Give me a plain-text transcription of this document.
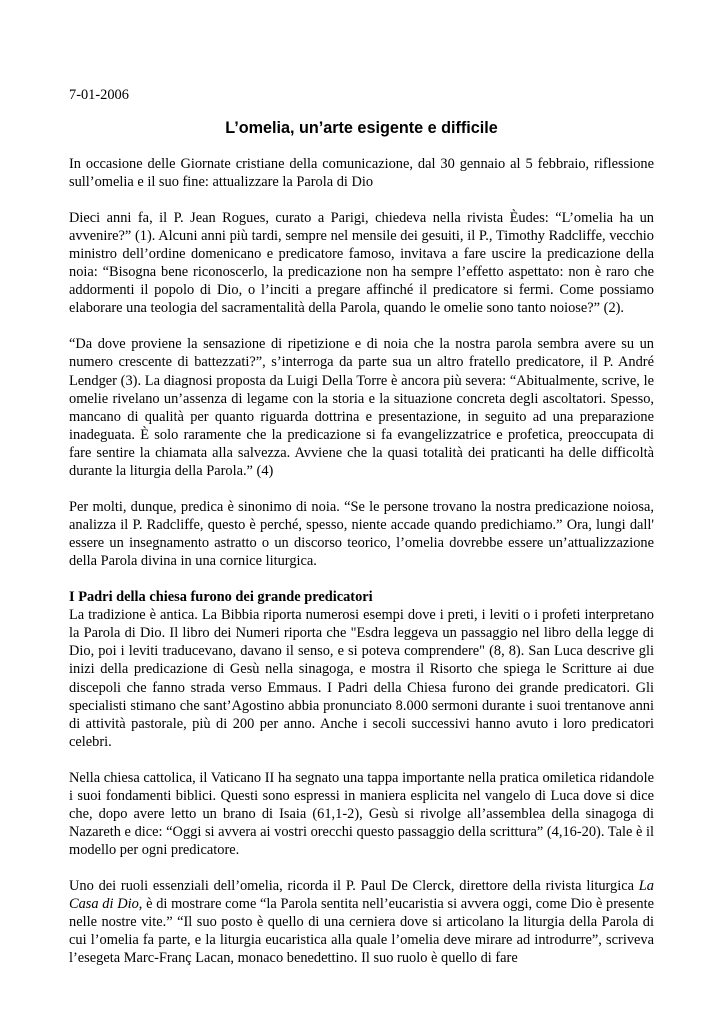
7-01-2006
L’omelia, un’arte esigente e difficile

In occasione delle Giornate cristiane della comunicazione, dal 30 gennaio al 5 febbraio, riflessione sull’omelia e il suo fine: attualizzare la Parola di Dio

Dieci anni fa, il P. Jean Rogues, curato a Parigi, chiedeva nella rivista Èudes: “L’omelia ha un avvenire?” (1). Alcuni anni più tardi, sempre nel mensile dei gesuiti, il P., Timothy Radcliffe, vecchio ministro dell’ordine domenicano e predicatore famoso, invitava a fare uscire la predicazione della noia: “Bisogna bene riconoscerlo, la predicazione non ha sempre l’effetto aspettato: non è raro che addormenti il popolo di Dio, o l’inciti a pregare affinché il predicatore si fermi. Come possiamo elaborare una teologia del sacramentalità della Parola, quando le omelie sono tanto noiose?” (2).

“Da dove proviene la sensazione di ripetizione e di noia che la nostra parola sembra avere su un numero crescente di battezzati?”, s’interroga da parte sua un altro fratello predicatore, il P. André Lendger (3). La diagnosi proposta da Luigi Della Torre è ancora più severa: “Abitualmente, scrive, le omelie rivelano un’assenza di legame con la storia e la situazione concreta degli ascoltatori. Spesso, mancano di qualità per quanto riguarda dottrina e presentazione, in seguito ad una preparazione inadeguata. È solo raramente che la predicazione si fa evangelizzatrice e profetica, preoccupata di fare sentire la chiamata alla salvezza. Avviene che la quasi totalità dei praticanti ha delle difficoltà durante la liturgia della Parola.” (4)

Per molti, dunque, predica è sinonimo di noia. “Se le persone trovano la nostra predicazione noiosa, analizza il P. Radcliffe, questo è perché, spesso, niente accade quando predichiamo.” Ora, lungi dall' essere un insegnamento astratto o un discorso teorico, l’omelia dovrebbe essere un’attualizzazione della Parola divina in una cornice liturgica.

I Padri della chiesa furono dei grande predicatori

La tradizione è antica. La Bibbia riporta numerosi esempi dove i preti, i leviti o i profeti interpretano la Parola di Dio. Il libro dei Numeri riporta che "Esdra leggeva un passaggio nel libro della legge di Dio, poi i leviti traducevano, davano il senso, e si poteva comprendere" (8, 8). San Luca descrive gli inizi della predicazione di Gesù nella sinagoga, e mostra il Risorto che spiega le Scritture ai due discepoli che fanno strada verso Emmaus. I Padri della Chiesa furono dei grande predicatori. Gli specialisti stimano che sant’Agostino abbia pronunciato 8.000 sermoni durante i suoi trentanove anni di attività pastorale, più di 200 per anno. Anche i secoli successivi hanno avuto i loro predicatori celebri.

Nella chiesa cattolica, il Vaticano II ha segnato una tappa importante nella pratica omiletica ridandole i suoi fondamenti biblici. Questi sono espressi in maniera esplicita nel vangelo di Luca dove si dice che, dopo avere letto un brano di Isaia (61,1-2), Gesù si rivolge all’assemblea della sinagoga di Nazareth e dice: “Oggi si avvera ai vostri orecchi questo passaggio della scrittura” (4,16-20). Tale è il modello per ogni predicatore.

Uno dei ruoli essenziali dell’omelia, ricorda il P. Paul De Clerck, direttore della rivista liturgica La Casa di Dio, è di mostrare come “la Parola sentita nell’eucaristia si avvera oggi, come Dio è presente nelle nostre vite.” “Il suo posto è quello di una cerniera dove si articolano la liturgia della Parola di cui l’omelia fa parte, e la liturgia eucaristica alla quale l’omelia deve mirare ad introdurre”, scriveva l’esegeta Marc-Franç Lacan, monaco benedettino. Il suo ruolo è quello di fare
